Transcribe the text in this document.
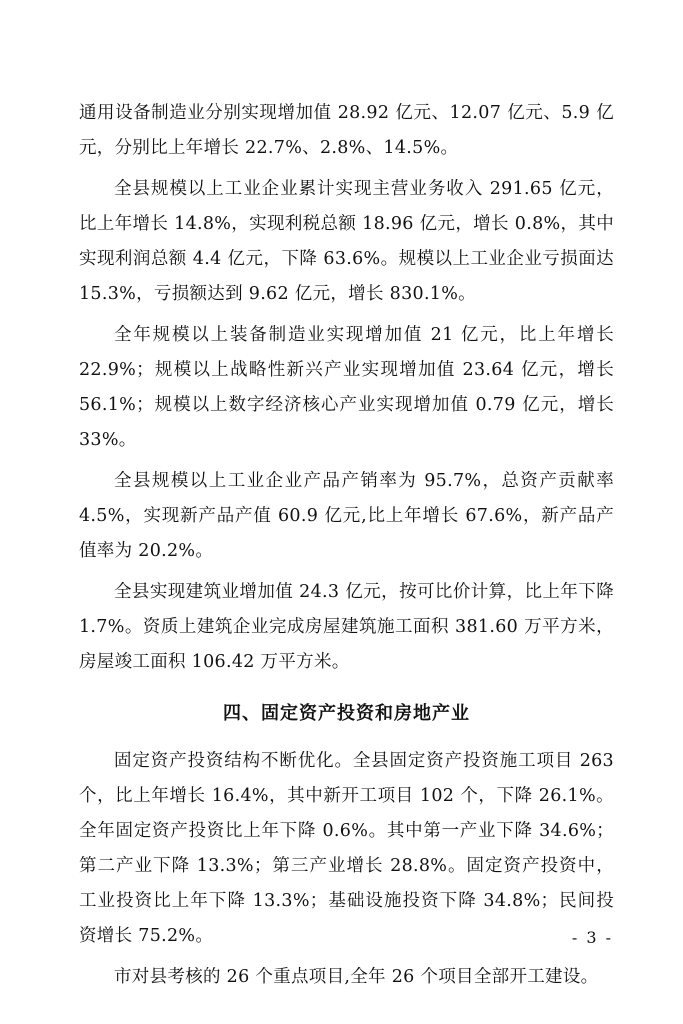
通用设备制造业分别实现增加值 28.92 亿元、12.07 亿元、5.9 亿元，分别比上年增长 22.7%、2.8%、14.5%。

全县规模以上工业企业累计实现主营业务收入 291.65 亿元，比上年增长 14.8%，实现利税总额 18.96 亿元，增长 0.8%，其中实现利润总额 4.4 亿元，下降 63.6%。规模以上工业企业亏损面达 15.3%，亏损额达到 9.62 亿元，增长 830.1%。

全年规模以上装备制造业实现增加值 21 亿元，比上年增长 22.9%；规模以上战略性新兴产业实现增加值 23.64 亿元，增长 56.1%；规模以上数字经济核心产业实现增加值 0.79 亿元，增长 33%。

全县规模以上工业企业产品产销率为 95.7%，总资产贡献率 4.5%，实现新产品产值 60.9 亿元,比上年增长 67.6%，新产品产值率为 20.2%。

全县实现建筑业增加值 24.3 亿元，按可比价计算，比上年下降 1.7%。资质上建筑企业完成房屋建筑施工面积 381.60 万平方米，房屋竣工面积 106.42 万平方米。

四、固定资产投资和房地产业

固定资产投资结构不断优化。全县固定资产投资施工项目 263 个，比上年增长 16.4%，其中新开工项目 102 个，下降 26.1%。全年固定资产投资比上年下降 0.6%。其中第一产业下降 34.6%；第二产业下降 13.3%；第三产业增长 28.8%。固定资产投资中，工业投资比上年下降 13.3%；基础设施投资下降 34.8%；民间投资增长 75.2%。

市对县考核的 26 个重点项目,全年 26 个项目全部开工建设。

- 3 -
